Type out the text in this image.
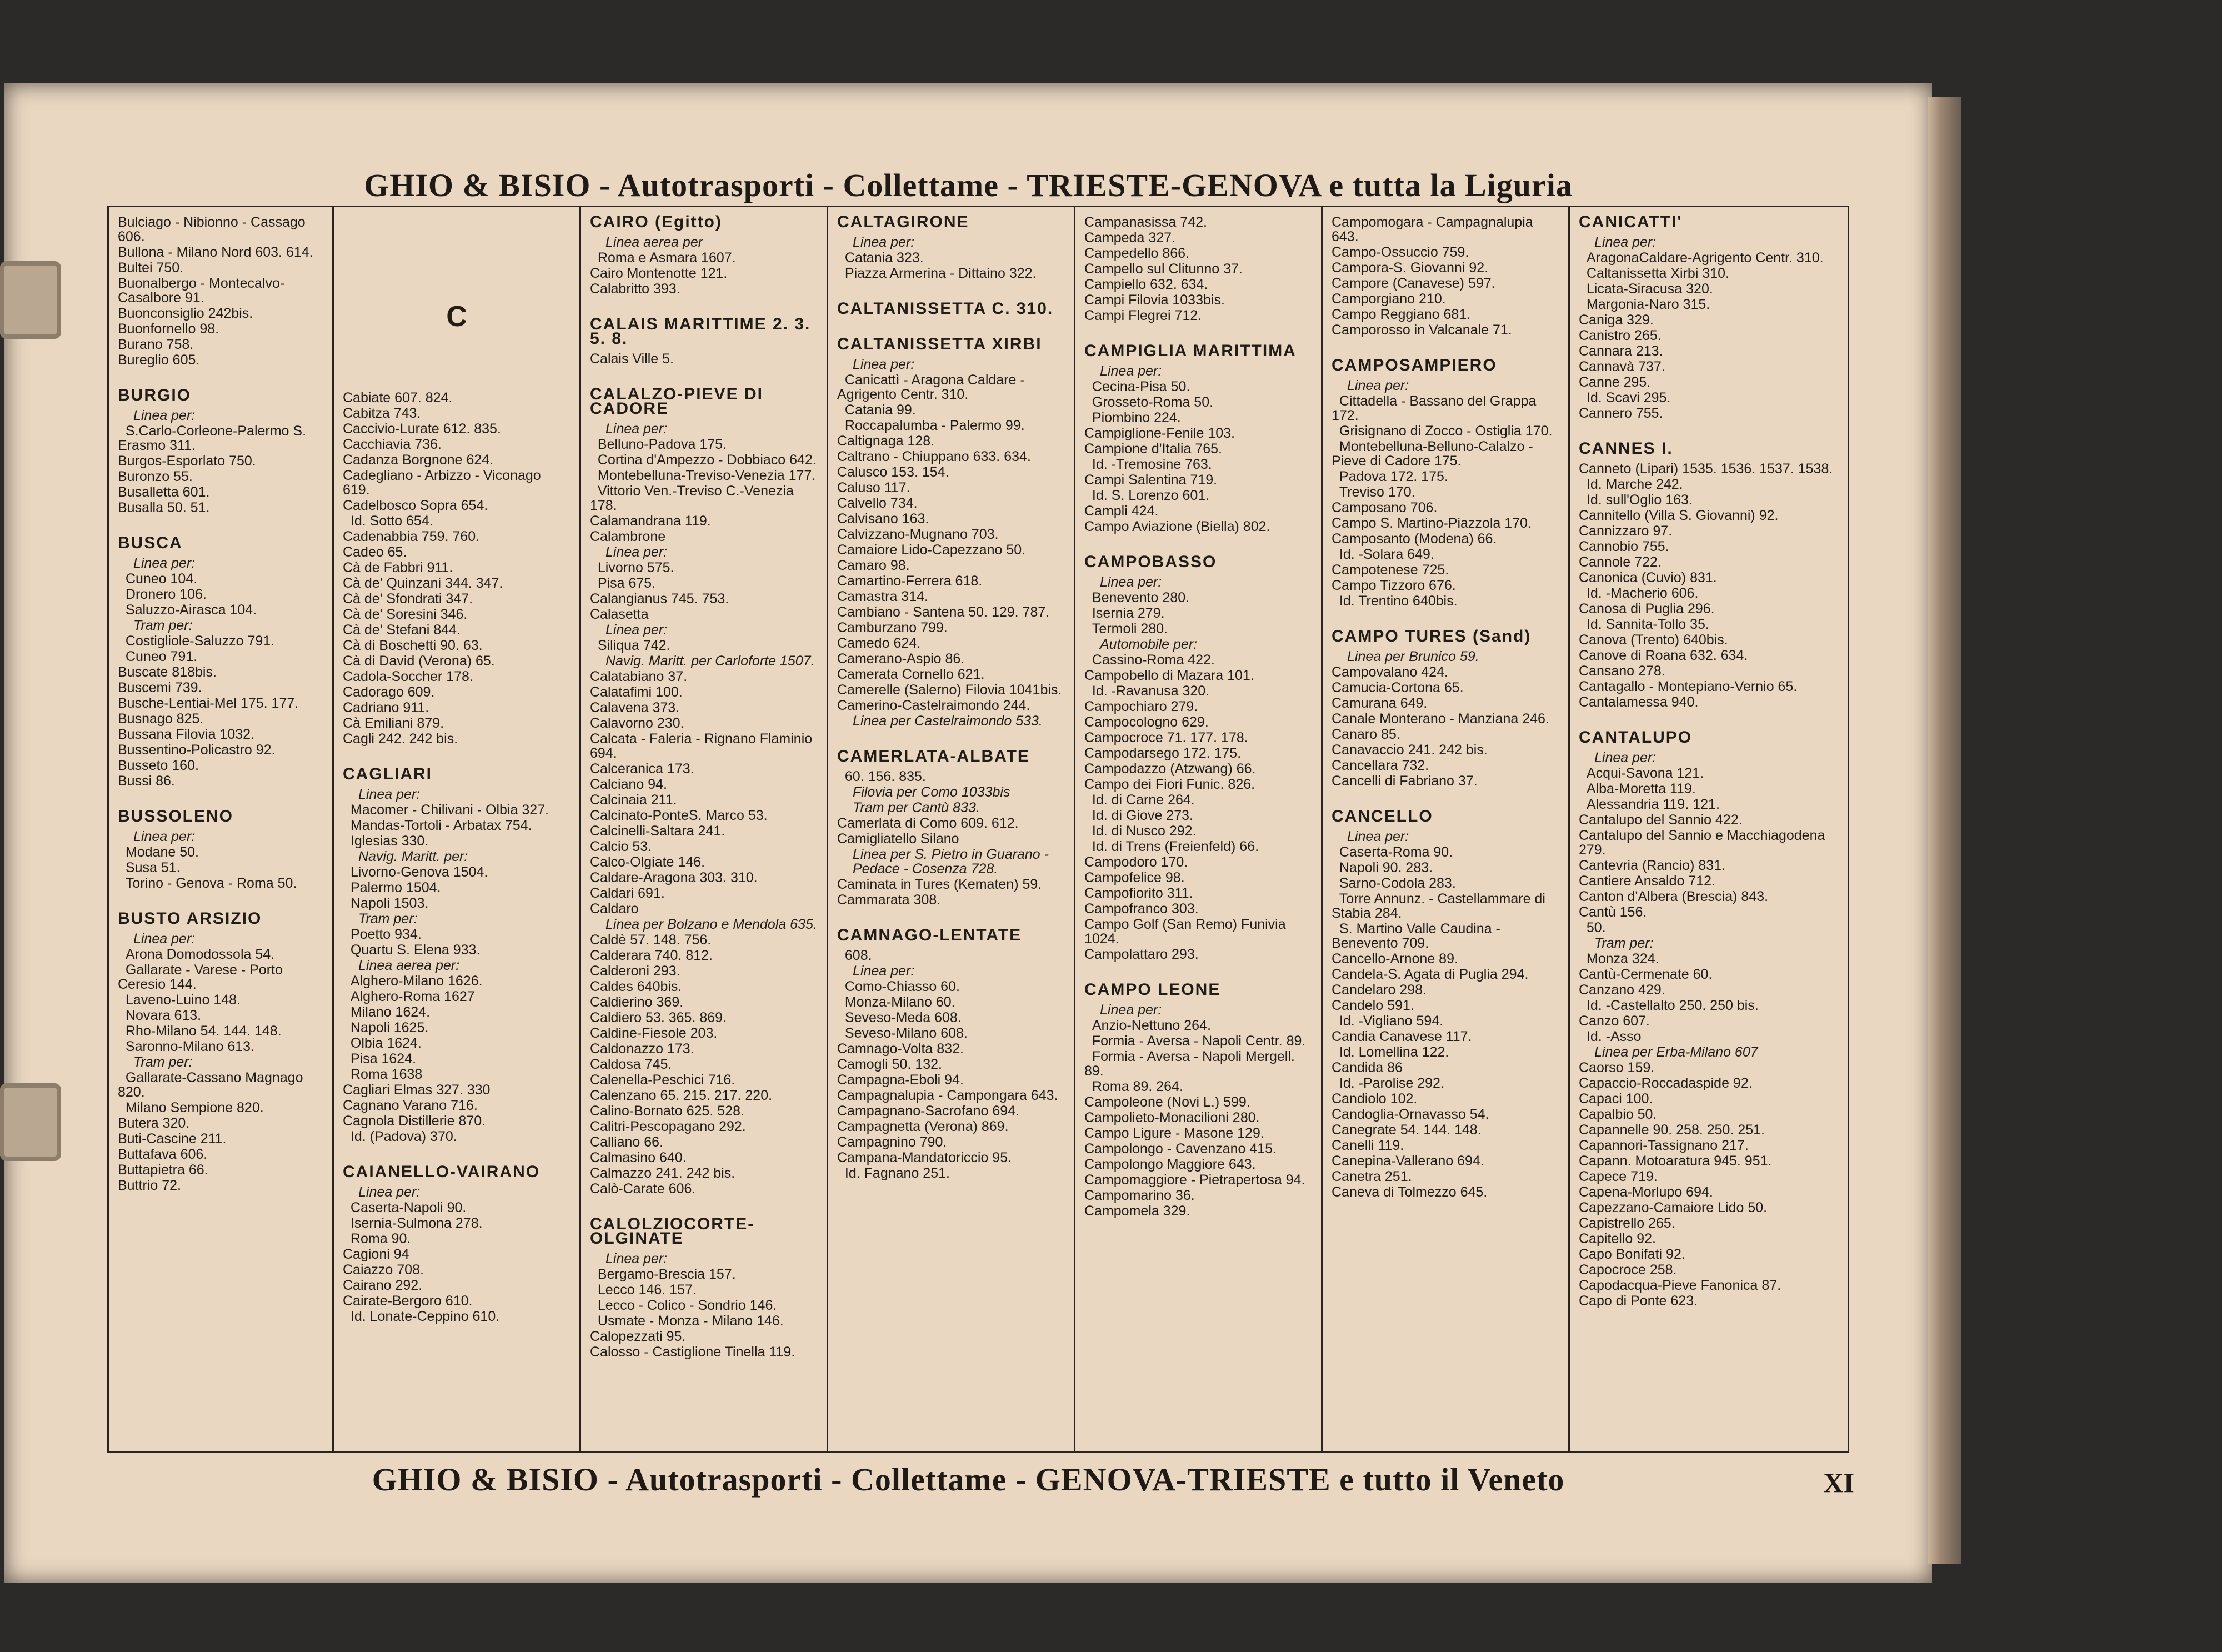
GHIO & BISIO - Autotrasporti - Collettame - TRIESTE-GENOVA e tutta la Liguria
Bulciago - Nibionno - Cassago 606.
Bullona - Milano Nord 603. 614.
Bultei 750.
Buonalbergo - Montecalvo-Casalbore 91.
Buonconsiglio 242bis.
Buonfornello 98.
Burano 758.
Bureglio 605.
BURGIO
Linea per:
S.Carlo-Corleone-Palermo S. Erasmo 311.
Burgos-Esporlato 750.
Buronzo 55.
Busalletta 601.
Busalla 50. 51.
BUSCA
Linea per:
Cuneo 104.
Dronero 106.
Saluzzo-Airasca 104.
Tram per:
Costigliole-Saluzzo 791.
Cuneo 791.
Buscate 818bis.
Buscemi 739.
Busche-Lentiai-Mel 175. 177.
Busnago 825.
Bussana Filovia 1032.
Bussentino-Policastro 92.
Busseto 160.
Bussi 86.
BUSSOLENO
Linea per:
Modane 50.
Susa 51.
Torino - Genova - Roma 50.
BUSTO ARSIZIO
Linea per:
Arona Domodossola 54.
Gallarate - Varese - Porto Ceresio 144.
Laveno-Luino 148.
Novara 613.
Rho-Milano 54. 144. 148.
Saronno-Milano 613.
Tram per:
Gallarate-Cassano Magnago 820.
Milano Sempione 820.
Butera 320.
Buti-Cascine 211.
Buttafava 606.
Buttapietra 66.
Buttrio 72.
C
Cabiate 607. 824.
Cabitza 743.
Caccivio-Lurate 612. 835.
Cacchiavia 736.
Cadanza Borgnone 624.
Cadegliano - Arbizzo - Viconago 619.
Cadelbosco Sopra 654.
Id. Sotto 654.
Cadenabbia 759. 760.
Cadeo 65.
Cà de Fabbri 911.
Cà de' Quinzani 344. 347.
Cà de' Sfondrati 347.
Cà de' Soresini 346.
Cà de' Stefani 844.
Cà di Boschetti 90. 63.
Cà di David (Verona) 65.
Cadola-Soccher 178.
Cadorago 609.
Cadriano 911.
Cà Emiliani 879.
Cagli 242. 242 bis.
CAGLIARI
Linea per:
Macomer - Chilivani - Olbia 327.
Mandas-Tortoli - Arbatax 754.
Iglesias 330.
Navig. Maritt. per:
Livorno-Genova 1504.
Palermo 1504.
Napoli 1503.
Tram per:
Poetto 934.
Quartu S. Elena 933.
Linea aerea per:
Alghero-Milano 1626.
Alghero-Roma 1627
Milano 1624.
Napoli 1625.
Olbia 1624.
Pisa 1624.
Roma 1638
Cagliari Elmas 327. 330
Cagnano Varano 716.
Cagnola Distillerie 870.
Id. (Padova) 370.
CAIANELLO-VAIRANO
Linea per:
Caserta-Napoli 90.
Isernia-Sulmona 278.
Roma 90.
Cagioni 94
Caiazzo 708.
Cairano 292.
Cairate-Bergoro 610.
Id. Lonate-Ceppino 610.
CAIRO (Egitto)
Linea aerea per
Roma e Asmara 1607.
Cairo Montenotte 121.
Calabritto 393.
CALAIS MARITTIME 2. 3. 5. 8.
Calais Ville 5.
CALALZO-PIEVE DI CADORE
Linea per:
Belluno-Padova 175.
Cortina d'Ampezzo - Dobbiaco 642.
Montebelluna-Treviso-Venezia 177.
Vittorio Ven.-Treviso C.-Venezia 178.
Calamandrana 119.
Calambrone
Linea per:
Livorno 575.
Pisa 675.
Calangianus 745. 753.
Calasetta
Linea per:
Siliqua 742.
Navig. Maritt. per Carloforte 1507.
Calatabiano 37.
Calatafimi 100.
Calavena 373.
Calavorno 230.
Calcata - Faleria - Rignano Flaminio 694.
Calceranica 173.
Calciano 94.
Calcinaia 211.
Calcinato-PonteS. Marco 53.
Calcinelli-Saltara 241.
Calcio 53.
Calco-Olgiate 146.
Caldare-Aragona 303. 310.
Caldari 691.
Caldaro
Linea per Bolzano e Mendola 635.
Caldè 57. 148. 756.
Calderara 740. 812.
Calderoni 293.
Caldes 640bis.
Caldierino 369.
Caldiero 53. 365. 869.
Caldine-Fiesole 203.
Caldonazzo 173.
Caldosa 745.
Calenella-Peschici 716.
Calenzano 65. 215. 217. 220.
Calino-Bornato 625. 528.
Calitri-Pescopagano 292.
Calliano 66.
Calmasino 640.
Calmazzo 241. 242 bis.
Calò-Carate 606.
CALOLZIOCORTE-OLGINATE
Linea per:
Bergamo-Brescia 157.
Lecco 146. 157.
Lecco - Colico - Sondrio 146.
Usmate - Monza - Milano 146.
Calopezzati 95.
Calosso - Castiglione Tinella 119.
CALTAGIRONE
Linea per:
Catania 323.
Piazza Armerina - Dittaino 322.
CALTANISSETTA C. 310.
CALTANISSETTA XIRBI
Linea per:
Canicattì - Aragona Caldare - Agrigento Centr. 310.
Catania 99.
Roccapalumba - Palermo 99.
Caltignaga 128.
Caltrano - Chiuppano 633. 634.
Calusco 153. 154.
Caluso 117.
Calvello 734.
Calvisano 163.
Calvizzano-Mugnano 703.
Camaiore Lido-Capezzano 50.
Camaro 98.
Camartino-Ferrera 618.
Camastra 314.
Cambiano - Santena 50. 129. 787.
Camburzano 799.
Camedo 624.
Camerano-Aspio 86.
Camerata Cornello 621.
Camerelle (Salerno) Filovia 1041bis.
Camerino-Castelraimondo 244.
Linea per Castelraimondo 533.
CAMERLATA-ALBATE
60. 156. 835.
Filovia per Como 1033bis
Tram per Cantù 833.
Camerlata di Como 609. 612.
Camigliatello Silano
Linea per S. Pietro in Guarano - Pedace - Cosenza 728.
Caminata in Tures (Kematen) 59.
Cammarata 308.
CAMNAGO-LENTATE
608.
Linea per:
Como-Chiasso 60.
Monza-Milano 60.
Seveso-Meda 608.
Seveso-Milano 608.
Camnago-Volta 832.
Camogli 50. 132.
Campagna-Eboli 94.
Campagnalupia - Campongara 643.
Campagnano-Sacrofano 694.
Campagnetta (Verona) 869.
Campagnino 790.
Campana-Mandatoriccio 95.
Id. Fagnano 251.
Campanasissa 742.
Campeda 327.
Campedello 866.
Campello sul Clitunno 37.
Campiello 632. 634.
Campi Filovia 1033bis.
Campi Flegrei 712.
CAMPIGLIA MARITTIMA
Linea per:
Cecina-Pisa 50.
Grosseto-Roma 50.
Piombino 224.
Campiglione-Fenile 103.
Campione d'Italia 765.
Id. -Tremosine 763.
Campi Salentina 719.
Id. S. Lorenzo 601.
Campli 424.
Campo Aviazione (Biella) 802.
CAMPOBASSO
Linea per:
Benevento 280.
Isernia 279.
Termoli 280.
Automobile per:
Cassino-Roma 422.
Campobello di Mazara 101.
Id. -Ravanusa 320.
Campochiaro 279.
Campocologno 629.
Campocroce 71. 177. 178.
Campodarsego 172. 175.
Campodazzo (Atzwang) 66.
Campo dei Fiori Funic. 826.
Id. di Carne 264.
Id. di Giove 273.
Id. di Nusco 292.
Id. di Trens (Freienfeld) 66.
Campodoro 170.
Campofelice 98.
Campofiorito 311.
Campofranco 303.
Campo Golf (San Remo) Funivia 1024.
Campolattaro 293.
CAMPO LEONE
Linea per:
Anzio-Nettuno 264.
Formia - Aversa - Napoli Centr. 89.
Formia - Aversa - Napoli Mergell. 89.
Roma 89. 264.
Campoleone (Novi L.) 599.
Campolieto-Monacilioni 280.
Campo Ligure - Masone 129.
Campolongo - Cavenzano 415.
Campolongo Maggiore 643.
Campomaggiore - Pietrapertosa 94.
Campomarino 36.
Campomela 329.
Campomogara - Campagnalupia 643.
Campo-Ossuccio 759.
Campora-S. Giovanni 92.
Campore (Canavese) 597.
Camporgiano 210.
Campo Reggiano 681.
Camporosso in Valcanale 71.
CAMPOSAMPIERO
Linea per:
Cittadella - Bassano del Grappa 172.
Grisignano di Zocco - Ostiglia 170.
Montebelluna-Belluno-Calalzo - Pieve di Cadore 175.
Padova 172. 175.
Treviso 170.
Camposano 706.
Campo S. Martino-Piazzola 170.
Camposanto (Modena) 66.
Id. -Solara 649.
Campotenese 725.
Campo Tizzoro 676.
Id. Trentino 640bis.
CAMPO TURES (Sand)
Linea per Brunico 59.
Campovalano 424.
Camucia-Cortona 65.
Camurana 649.
Canale Monterano - Manziana 246.
Canaro 85.
Canavaccio 241. 242 bis.
Cancellara 732.
Cancelli di Fabriano 37.
CANCELLO
Linea per:
Caserta-Roma 90.
Napoli 90. 283.
Sarno-Codola 283.
Torre Annunz. - Castellammare di Stabia 284.
S. Martino Valle Caudina - Benevento 709.
Cancello-Arnone 89.
Candela-S. Agata di Puglia 294.
Candelaro 298.
Candelo 591.
Id. -Vigliano 594.
Candia Canavese 117.
Id. Lomellina 122.
Candida 86
Id. -Parolise 292.
Candiolo 102.
Candoglia-Ornavasso 54.
Canegrate 54. 144. 148.
Canelli 119.
Canepina-Vallerano 694.
Canetra 251.
Caneva di Tolmezzo 645.
CANICATTI'
Linea per:
AragonaCaldare-Agrigento Centr. 310.
Caltanissetta Xirbi 310.
Licata-Siracusa 320.
Margonia-Naro 315.
Caniga 329.
Canistro 265.
Cannara 213.
Cannavà 737.
Canne 295.
Id. Scavi 295.
Cannero 755.
CANNES I.
Canneto (Lipari) 1535. 1536. 1537. 1538.
Id. Marche 242.
Id. sull'Oglio 163.
Cannitello (Villa S. Giovanni) 92.
Cannizzaro 97.
Cannobio 755.
Cannole 722.
Canonica (Cuvio) 831.
Id. -Macherio 606.
Canosa di Puglia 296.
Id. Sannita-Tollo 35.
Canova (Trento) 640bis.
Canove di Roana 632. 634.
Cansano 278.
Cantagallo - Montepiano-Vernio 65.
Cantalamessa 940.
CANTALUPO
Linea per:
Acqui-Savona 121.
Alba-Moretta 119.
Alessandria 119. 121.
Cantalupo del Sannio 422.
Cantalupo del Sannio e Macchiagodena 279.
Cantevria (Rancio) 831.
Cantiere Ansaldo 712.
Canton d'Albera (Brescia) 843.
Cantù 156.
50.
Tram per:
Monza 324.
Cantù-Cermenate 60.
Canzano 429.
Id. -Castellalto 250. 250 bis.
Canzo 607.
Id. -Asso
Linea per Erba-Milano 607
Caorso 159.
Capaccio-Roccadaspide 92.
Capaci 100.
Capalbio 50.
Capannelle 90. 258. 250. 251.
Capannori-Tassignano 217.
Capann. Motoaratura 945. 951.
Capece 719.
Capena-Morlupo 694.
Capezzano-Camaiore Lido 50.
Capistrello 265.
Capitello 92.
Capo Bonifati 92.
Capocroce 258.
Capodacqua-Pieve Fanonica 87.
Capo di Ponte 623.
GHIO & BISIO - Autotrasporti - Collettame - GENOVA-TRIESTE e tutto il Veneto	XI
